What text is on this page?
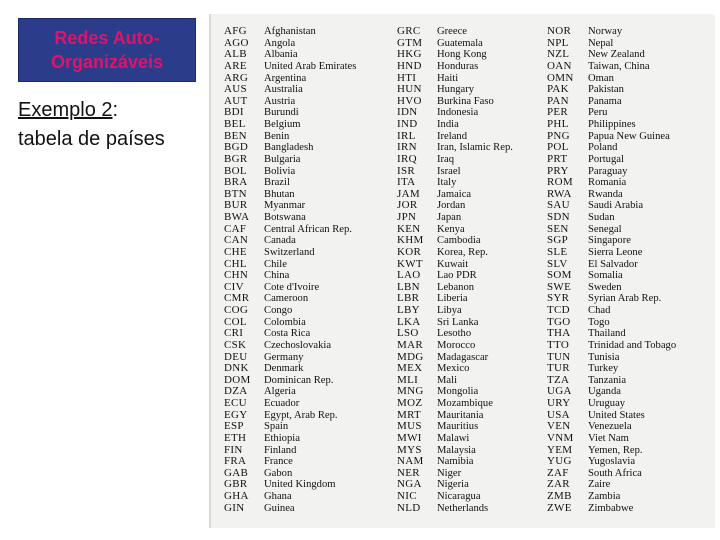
Redes Auto-
Organizáveis
Exemplo 2:
tabela de países
AFG
AGO
ALB
ARE
ARG
AUS
AUT
BDI
BEL
BEN
BGD
BGR
BOL
BRA
BTN
BUR
BWA
CAF
CAN
CHE
CHL
CHN
CIV
CMR
COG
COL
CRI
CSK
DEU
DNK
DOM
DZA
ECU
EGY
ESP
ETH
FIN
FRA
GAB
GBR
GHA
GIN
Afghanistan
Angola
Albania
United Arab Emirates
Argentina
Australia
Austria
Burundi
Belgium
Benin
Bangladesh
Bulgaria
Bolivia
Brazil
Bhutan
Myanmar
Botswana
Central African Rep.
Canada
Switzerland
Chile
China
Cote d'Ivoire
Cameroon
Congo
Colombia
Costa Rica
Czechoslovakia
Germany
Denmark
Dominican Rep.
Algeria
Ecuador
Egypt, Arab Rep.
Spain
Ethiopia
Finland
France
Gabon
United Kingdom
Ghana
Guinea
GRC
GTM
HKG
HND
HTI
HUN
HVO
IDN
IND
IRL
IRN
IRQ
ISR
ITA
JAM
JOR
JPN
KEN
KHM
KOR
KWT
LAO
LBN
LBR
LBY
LKA
LSO
MAR
MDG
MEX
MLI
MNG
MOZ
MRT
MUS
MWI
MYS
NAM
NER
NGA
NIC
NLD
Greece
Guatemala
Hong Kong
Honduras
Haiti
Hungary
Burkina Faso
Indonesia
India
Ireland
Iran, Islamic Rep.
Iraq
Israel
Italy
Jamaica
Jordan
Japan
Kenya
Cambodia
Korea, Rep.
Kuwait
Lao PDR
Lebanon
Liberia
Libya
Sri Lanka
Lesotho
Morocco
Madagascar
Mexico
Mali
Mongolia
Mozambique
Mauritania
Mauritius
Malawi
Malaysia
Namibia
Niger
Nigeria
Nicaragua
Netherlands
NOR
NPL
NZL
OAN
OMN
PAK
PAN
PER
PHL
PNG
POL
PRT
PRY
ROM
RWA
SAU
SDN
SEN
SGP
SLE
SLV
SOM
SWE
SYR
TCD
TGO
THA
TTO
TUN
TUR
TZA
UGA
URY
USA
VEN
VNM
YEM
YUG
ZAF
ZAR
ZMB
ZWE
Norway
Nepal
New Zealand
Taiwan, China
Oman
Pakistan
Panama
Peru
Philippines
Papua New Guinea
Poland
Portugal
Paraguay
Romania
Rwanda
Saudi Arabia
Sudan
Senegal
Singapore
Sierra Leone
El Salvador
Somalia
Sweden
Syrian Arab Rep.
Chad
Togo
Thailand
Trinidad and Tobago
Tunisia
Turkey
Tanzania
Uganda
Uruguay
United States
Venezuela
Viet Nam
Yemen, Rep.
Yugoslavia
South Africa
Zaire
Zambia
Zimbabwe
